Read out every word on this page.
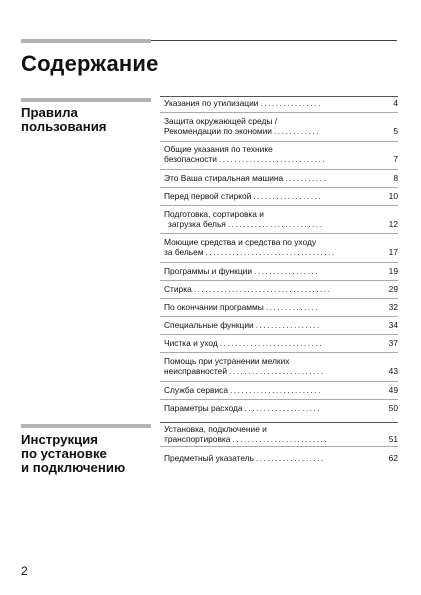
Содержание
Правила
пользования
Инструкция
по установке
и подключению
Указания по утилизации ................	4
Защита окружающей среды /
Рекомендации по экономии ............	5
Общие указания по технике
безопасности ............................	7
Это Ваша стиральная машина ...........	8
Перед первой стиркой ..................	10
Подготовка, сортировка и
загрузка белья .........................	12
Моющие средства и средства по уходу
за бельем ..................................	17
Программы и функции .................	19
Стирка ....................................	29
По окончании программы ..............	32
Специальные функции .................	34
Чистка и уход ...........................	37
Помощь при устранении мелких
неисправностей .........................	43
Служба сервиса ........................	49
Параметры расхода ....................	50
Установка, подключение и
транспортировка .........................	51
Предметный указатель ..................	62
2
